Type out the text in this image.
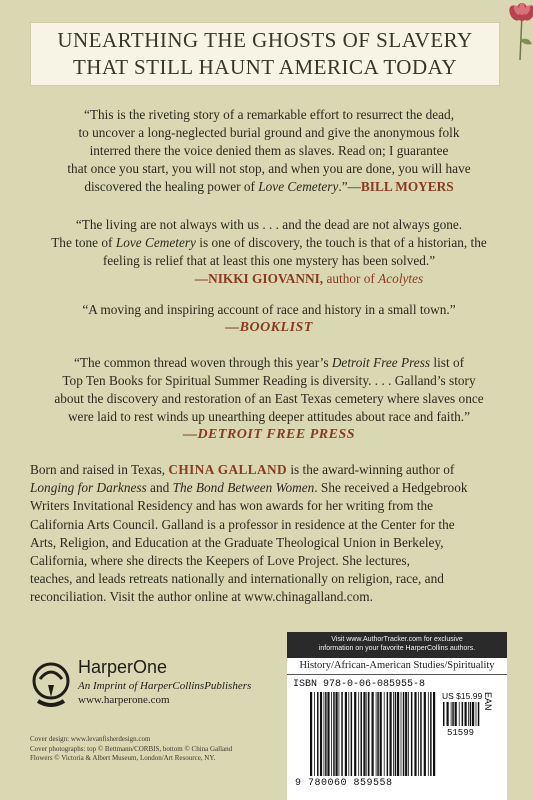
UNEARTHING THE GHOSTS OF SLAVERY
THAT STILL HAUNT AMERICA TODAY
“This is the riveting story of a remarkable effort to resurrect the dead,
to uncover a long-neglected burial ground and give the anonymous folk
interred there the voice denied them as slaves. Read on; I guarantee
that once you start, you will not stop, and when you are done, you will have
discovered the healing power of Love Cemetery.”—BILL MOYERS
“The living are not always with us . . . and the dead are not always gone.
The tone of Love Cemetery is one of discovery, the touch is that of a historian, the
feeling is relief that at least this one mystery has been solved.”
—NIKKI GIOVANNI, author of Acolytes
“A moving and inspiring account of race and history in a small town.”
—BOOKLIST
“The common thread woven through this year’s Detroit Free Press list of
Top Ten Books for Spiritual Summer Reading is diversity. . . . Galland’s story
about the discovery and restoration of an East Texas cemetery where slaves once
were laid to rest winds up unearthing deeper attitudes about race and faith.”
—DETROIT FREE PRESS
Born and raised in Texas, CHINA GALLAND is the award-winning author of
Longing for Darkness and The Bond Between Women. She received a Hedgebrook
Writers Invitational Residency and has won awards for her writing from the
California Arts Council. Galland is a professor in residence at the Center for the
Arts, Religion, and Education at the Graduate Theological Union in Berkeley,
California, where she directs the Keepers of Love Project. She lectures,
teaches, and leads retreats nationally and internationally on religion, race, and
reconciliation. Visit the author online at www.chinagalland.com.
HarperOne
An Imprint of HarperCollinsPublishers
www.harperone.com
Cover design: www.levanfisherdesign.com
Cover photographs: top © Bettmann/CORBIS, bottom © China Galland
Flowers © Victoria & Albert Museum, London/Art Resource, NY.
Visit www.AuthorTracker.com for exclusive
information on your favorite HarperCollins authors.
History/African-American Studies/Spirituality
ISBN 978-0-06-085955-8
US $15.99
51599
EAN
9 780060 859558
